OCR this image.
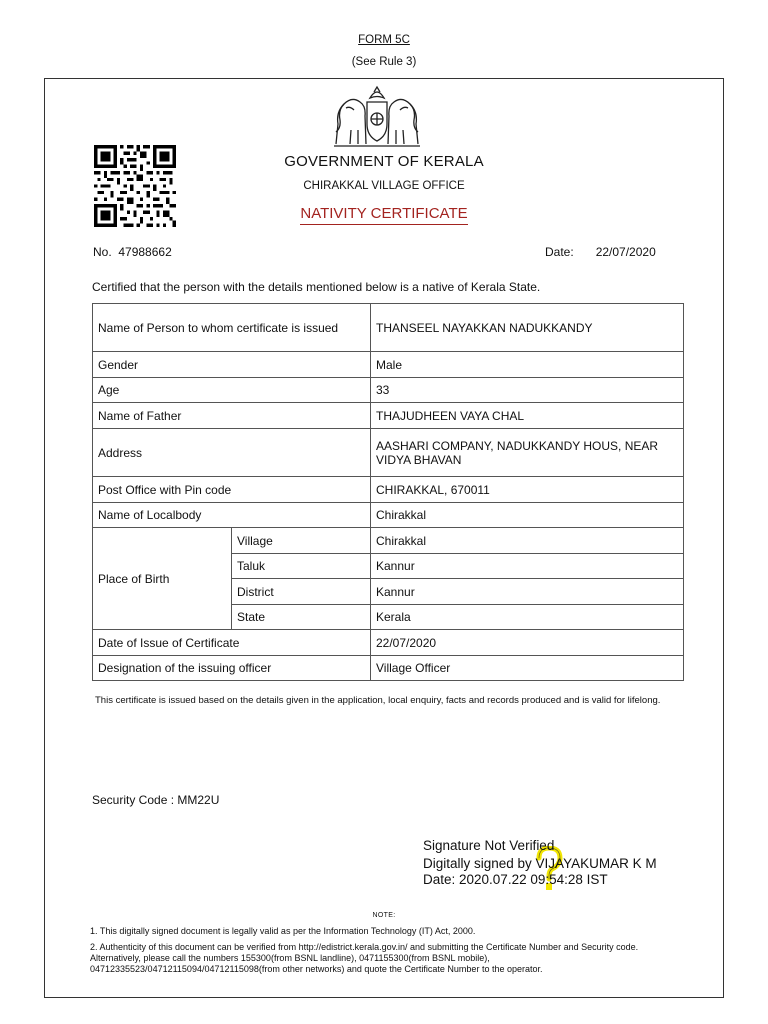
FORM 5C
(See Rule 3)
GOVERNMENT OF KERALA
CHIRAKKAL VILLAGE OFFICE
NATIVITY CERTIFICATE
No. 47988662	Date: 22/07/2020
Certified that the person with the details mentioned below is a native of Kerala State.
Name of Person to whom certificate is issued		THANSEEL NAYAKKAN NADUKKANDY
Gender		Male
Age		33
Name of Father		THAJUDHEEN VAYA CHAL
Address		AASHARI COMPANY, NADUKKANDY HOUS, NEAR VIDYA BHAVAN
Post Office with Pin code		CHIRAKKAL, 670011
Name of Localbody		Chirakkal
Place of Birth	Village	Chirakkal
	Taluk	Kannur
	District	Kannur
	State	Kerala
Date of Issue of Certificate		22/07/2020
Designation of the issuing officer		Village Officer
This certificate is issued based on the details given in the application, local enquiry, facts and records produced and is valid for lifelong.
Security Code : MM22U
Signature Not Verified
Digitally signed by VIJAYAKUMAR K M
Date: 2020.07.22 09:54:28 IST
NOTE:

1. This digitally signed document is legally valid as per the Information Technology (IT) Act, 2000.

2. Authenticity of this document can be verified from http://edistrict.kerala.gov.in/ and submitting the Certificate Number and Security code. Alternatively, please call the numbers 155300(from BSNL landline), 0471155300(from BSNL mobile), 04712335523/04712115094/04712115098(from other networks) and quote the Certificate Number to the operator.
